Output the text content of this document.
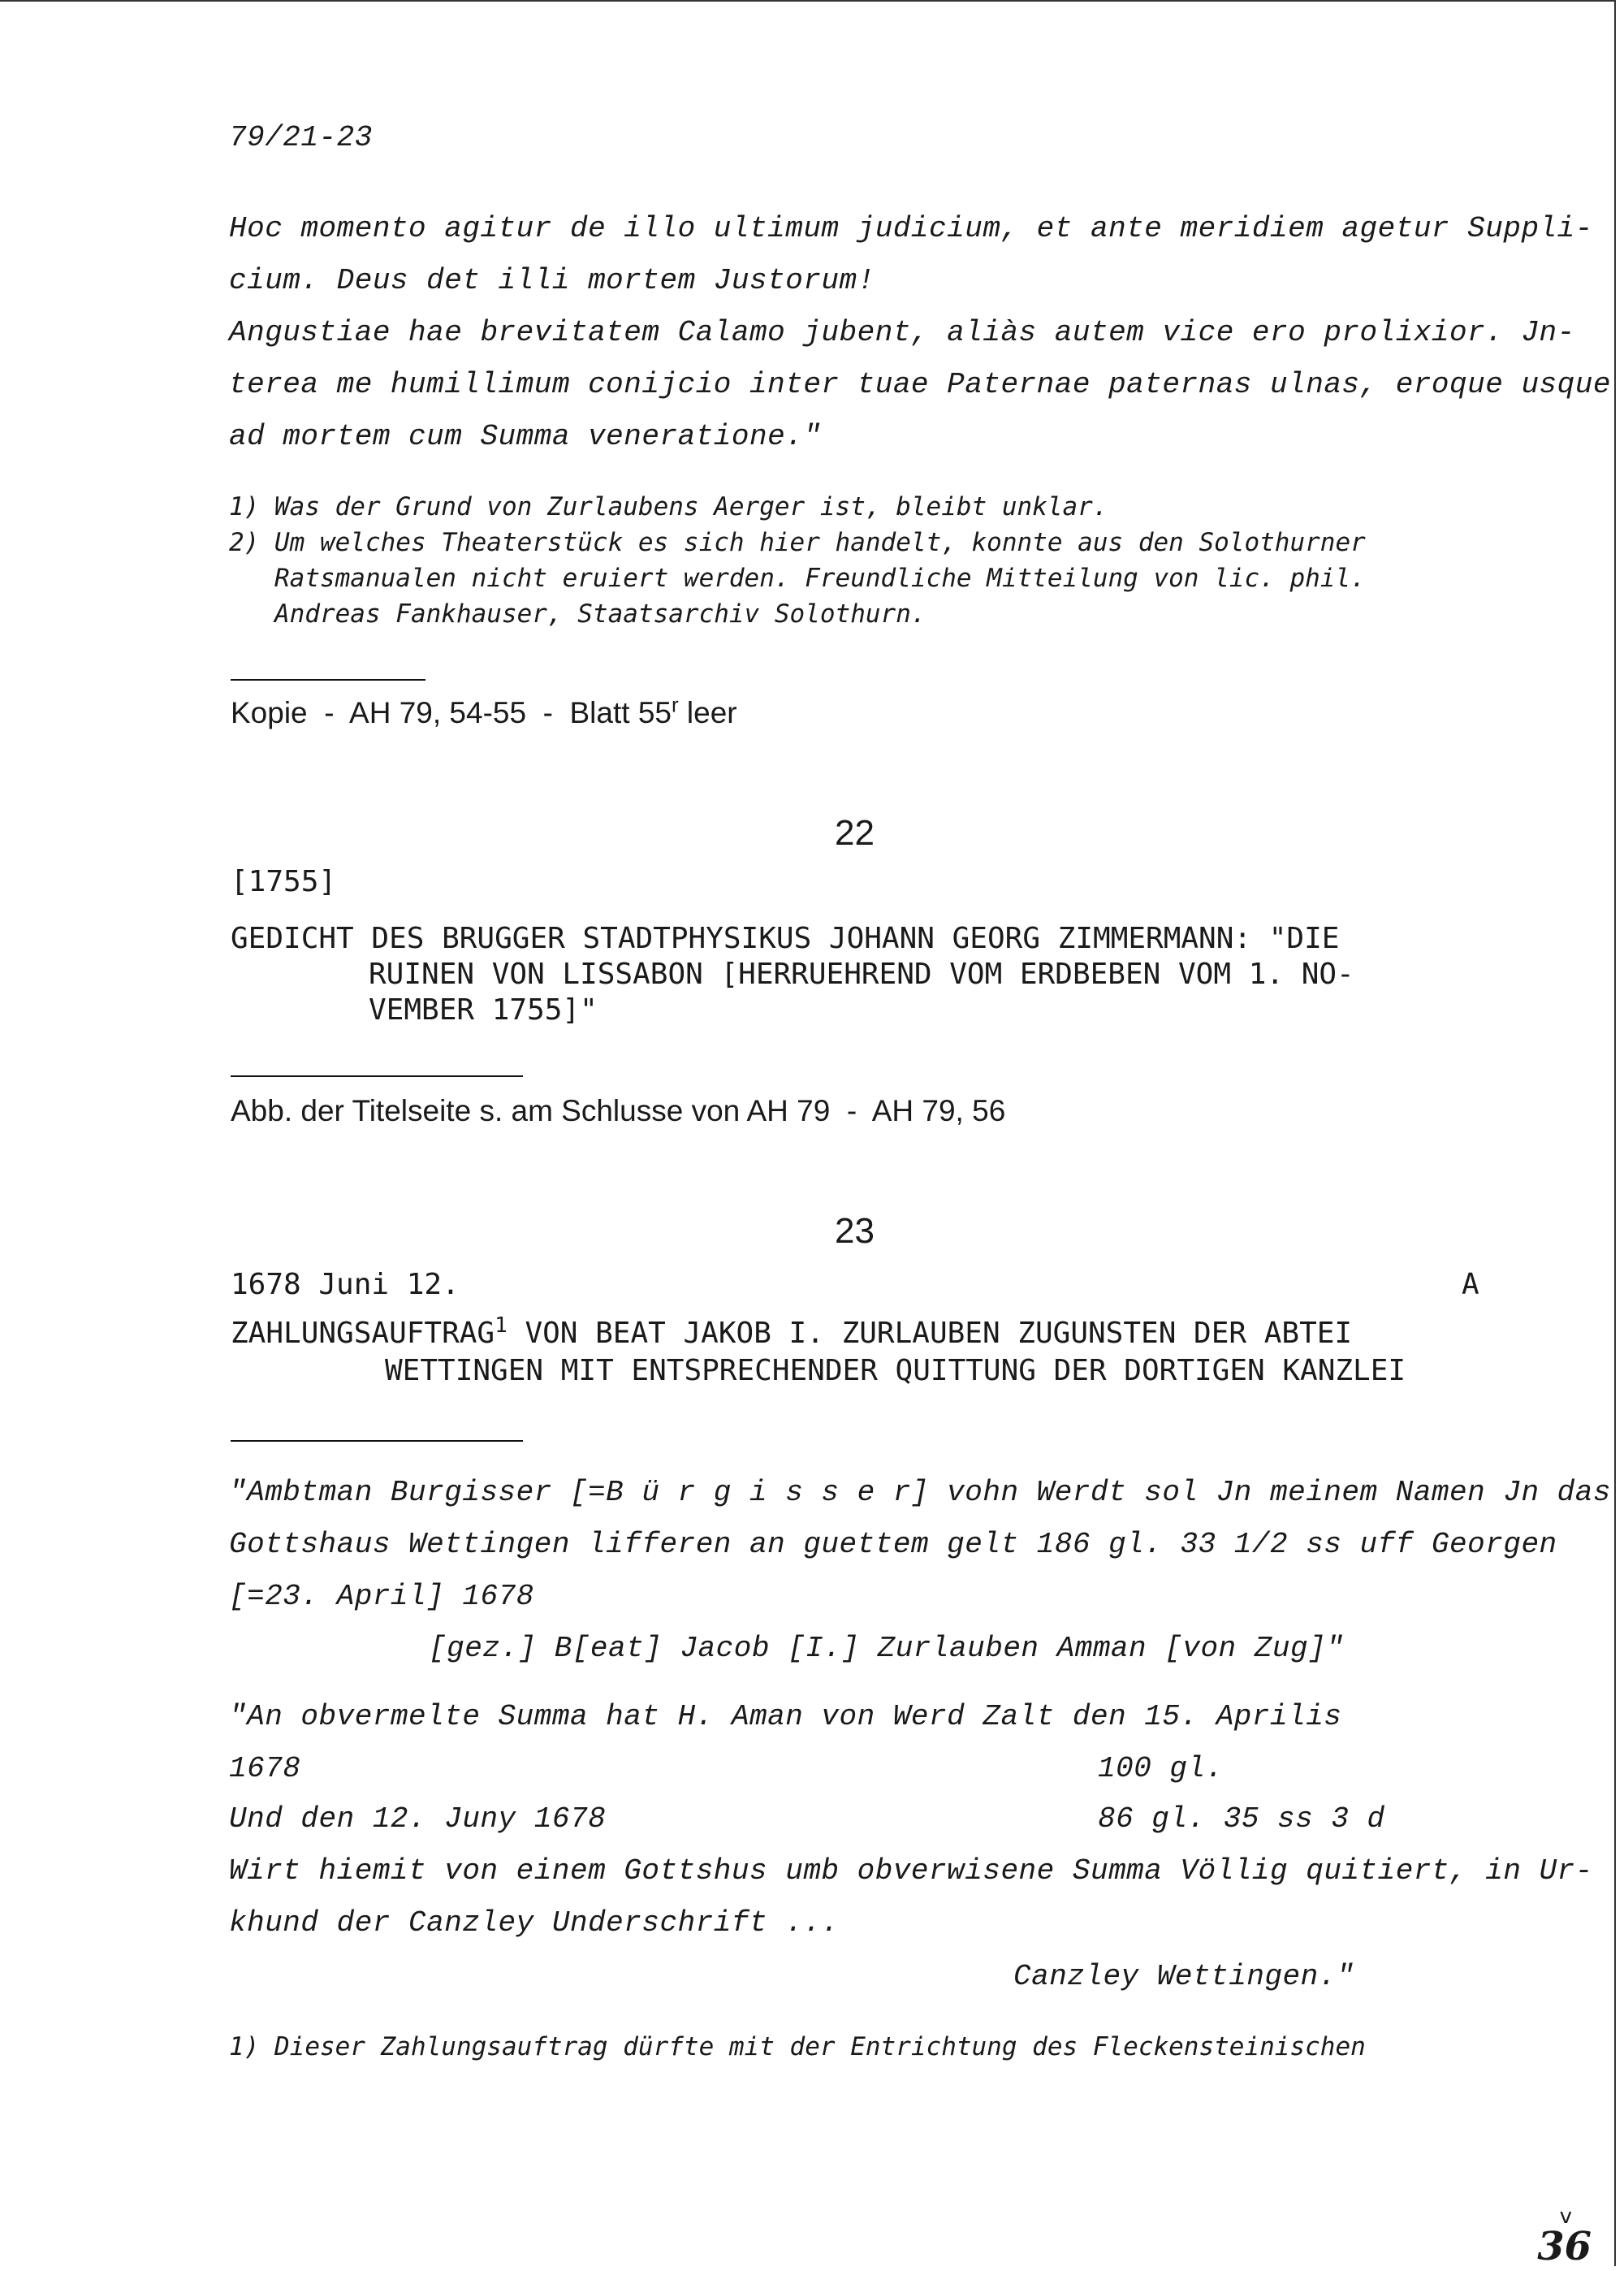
79/21-23
Hoc momento agitur de illo ultimum judicium, et ante meridiem agetur Suppli-
cium. Deus det illi mortem Justorum!
Angustiae hae brevitatem Calamo jubent, aliàs autem vice ero prolixior. Jn-
terea me humillimum conijcio inter tuae Paternae paternas ulnas, eroque usque
ad mortem cum Summa veneratione."
1) Was der Grund von Zurlaubens Aerger ist, bleibt unklar.
2) Um welches Theaterstück es sich hier handelt, konnte aus den Solothurner
Ratsmanualen nicht eruiert werden. Freundliche Mitteilung von lic. phil.
Andreas Fankhauser, Staatsarchiv Solothurn.
Kopie  -  AH 79, 54-55  -  Blatt 55$^r$ leer
22
[1755]
GEDICHT DES BRUGGER STADTPHYSIKUS JOHANN GEORG ZIMMERMANN: "DIE
RUINEN VON LISSABON [HERRUEHREND VOM ERDBEBEN VOM 1. NO-
VEMBER 1755]"
Abb. der Titelseite s. am Schlusse von AH 79  -  AH 79, 56
23
1678 Juni 12.	A
ZAHLUNGSAUFTRAG$^1$ VON BEAT JAKOB I. ZURLAUBEN ZUGUNSTEN DER ABTEI
WETTINGEN MIT ENTSPRECHENDER QUITTUNG DER DORTIGEN KANZLEI
"Ambtman Burgisser [=B ü r g i s s e r] vohn Werdt sol Jn meinem Namen Jn das
Gottshaus Wettingen lifferen an guettem gelt 186 gl. 33 1/2 ss uff Georgen
[=23. April] 1678
[gez.] B[eat] Jacob [I.] Zurlauben Amman [von Zug]"
"An obvermelte Summa hat H. Aman von Werd Zalt den 15. Aprilis
1678	100 gl.
Und den 12. Juny 1678	86 gl. 35 ss 3 d
Wirt hiemit von einem Gottshus umb obverwisene Summa Völlig quitiert, in Ur-
khund der Canzley Underschrift ...
Canzley Wettingen."
1) Dieser Zahlungsauftrag dürfte mit der Entrichtung des Fleckensteinischen
v
36
